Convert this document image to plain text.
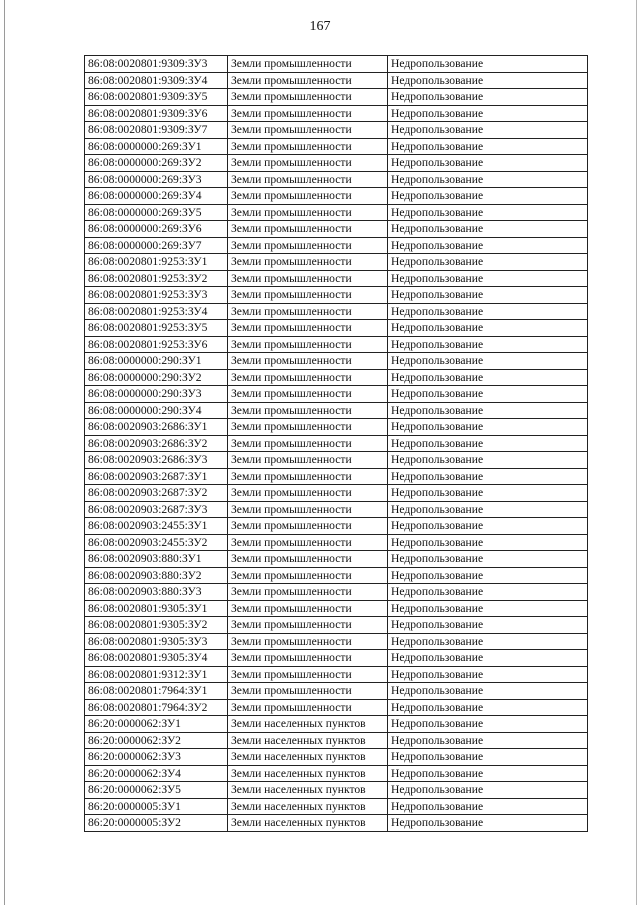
167
86:08:0020801:9309:ЗУ3	Земли промышленности	Недропользование
86:08:0020801:9309:ЗУ4	Земли промышленности	Недропользование
86:08:0020801:9309:ЗУ5	Земли промышленности	Недропользование
86:08:0020801:9309:ЗУ6	Земли промышленности	Недропользование
86:08:0020801:9309:ЗУ7	Земли промышленности	Недропользование
86:08:0000000:269:ЗУ1	Земли промышленности	Недропользование
86:08:0000000:269:ЗУ2	Земли промышленности	Недропользование
86:08:0000000:269:ЗУ3	Земли промышленности	Недропользование
86:08:0000000:269:ЗУ4	Земли промышленности	Недропользование
86:08:0000000:269:ЗУ5	Земли промышленности	Недропользование
86:08:0000000:269:ЗУ6	Земли промышленности	Недропользование
86:08:0000000:269:ЗУ7	Земли промышленности	Недропользование
86:08:0020801:9253:ЗУ1	Земли промышленности	Недропользование
86:08:0020801:9253:ЗУ2	Земли промышленности	Недропользование
86:08:0020801:9253:ЗУ3	Земли промышленности	Недропользование
86:08:0020801:9253:ЗУ4	Земли промышленности	Недропользование
86:08:0020801:9253:ЗУ5	Земли промышленности	Недропользование
86:08:0020801:9253:ЗУ6	Земли промышленности	Недропользование
86:08:0000000:290:ЗУ1	Земли промышленности	Недропользование
86:08:0000000:290:ЗУ2	Земли промышленности	Недропользование
86:08:0000000:290:ЗУ3	Земли промышленности	Недропользование
86:08:0000000:290:ЗУ4	Земли промышленности	Недропользование
86:08:0020903:2686:ЗУ1	Земли промышленности	Недропользование
86:08:0020903:2686:ЗУ2	Земли промышленности	Недропользование
86:08:0020903:2686:ЗУ3	Земли промышленности	Недропользование
86:08:0020903:2687:ЗУ1	Земли промышленности	Недропользование
86:08:0020903:2687:ЗУ2	Земли промышленности	Недропользование
86:08:0020903:2687:ЗУ3	Земли промышленности	Недропользование
86:08:0020903:2455:ЗУ1	Земли промышленности	Недропользование
86:08:0020903:2455:ЗУ2	Земли промышленности	Недропользование
86:08:0020903:880:ЗУ1	Земли промышленности	Недропользование
86:08:0020903:880:ЗУ2	Земли промышленности	Недропользование
86:08:0020903:880:ЗУ3	Земли промышленности	Недропользование
86:08:0020801:9305:ЗУ1	Земли промышленности	Недропользование
86:08:0020801:9305:ЗУ2	Земли промышленности	Недропользование
86:08:0020801:9305:ЗУ3	Земли промышленности	Недропользование
86:08:0020801:9305:ЗУ4	Земли промышленности	Недропользование
86:08:0020801:9312:ЗУ1	Земли промышленности	Недропользование
86:08:0020801:7964:ЗУ1	Земли промышленности	Недропользование
86:08:0020801:7964:ЗУ2	Земли промышленности	Недропользование
86:20:0000062:ЗУ1	Земли населенных пунктов	Недропользование
86:20:0000062:ЗУ2	Земли населенных пунктов	Недропользование
86:20:0000062:ЗУ3	Земли населенных пунктов	Недропользование
86:20:0000062:ЗУ4	Земли населенных пунктов	Недропользование
86:20:0000062:ЗУ5	Земли населенных пунктов	Недропользование
86:20:0000005:ЗУ1	Земли населенных пунктов	Недропользование
86:20:0000005:ЗУ2	Земли населенных пунктов	Недропользование
